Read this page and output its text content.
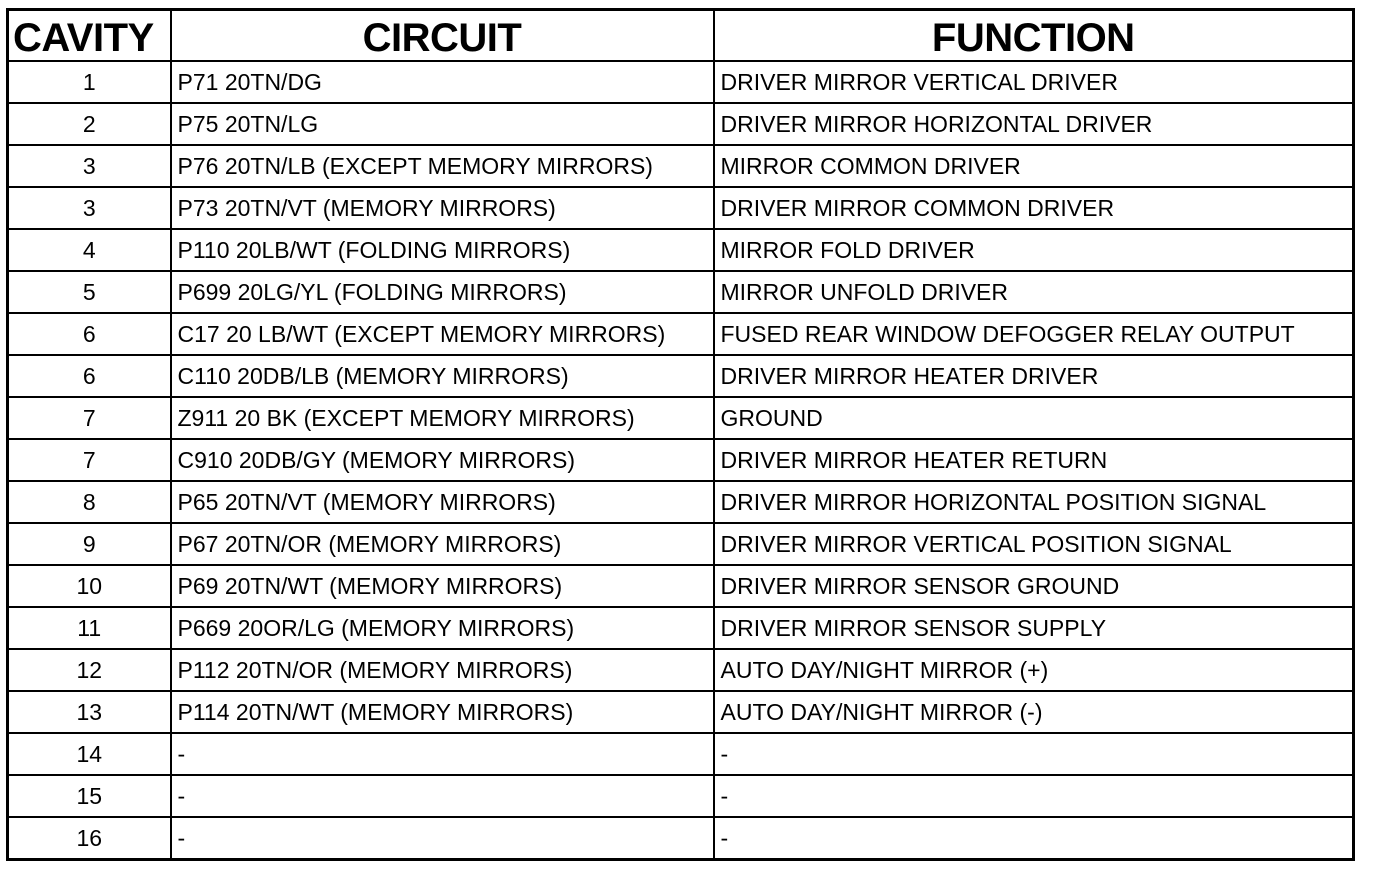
CAVITY	CIRCUIT	FUNCTION
1	P71 20TN/DG	DRIVER MIRROR VERTICAL DRIVER
2	P75 20TN/LG	DRIVER MIRROR HORIZONTAL DRIVER
3	P76 20TN/LB (EXCEPT MEMORY MIRRORS)	MIRROR COMMON DRIVER
3	P73 20TN/VT (MEMORY MIRRORS)	DRIVER MIRROR COMMON DRIVER
4	P110 20LB/WT (FOLDING MIRRORS)	MIRROR FOLD DRIVER
5	P699 20LG/YL (FOLDING MIRRORS)	MIRROR UNFOLD DRIVER
6	C17 20 LB/WT (EXCEPT MEMORY MIRRORS)	FUSED REAR WINDOW DEFOGGER RELAY OUTPUT
6	C110 20DB/LB (MEMORY MIRRORS)	DRIVER MIRROR HEATER DRIVER
7	Z911 20 BK (EXCEPT MEMORY MIRRORS)	GROUND
7	C910 20DB/GY (MEMORY MIRRORS)	DRIVER MIRROR HEATER RETURN
8	P65 20TN/VT (MEMORY MIRRORS)	DRIVER MIRROR HORIZONTAL POSITION SIGNAL
9	P67 20TN/OR (MEMORY MIRRORS)	DRIVER MIRROR VERTICAL POSITION SIGNAL
10	P69 20TN/WT (MEMORY MIRRORS)	DRIVER MIRROR SENSOR GROUND
11	P669 20OR/LG (MEMORY MIRRORS)	DRIVER MIRROR SENSOR SUPPLY
12	P112 20TN/OR (MEMORY MIRRORS)	AUTO DAY/NIGHT MIRROR (+)
13	P114 20TN/WT (MEMORY MIRRORS)	AUTO DAY/NIGHT MIRROR (-)
14	-	-
15	-	-
16	-	-
